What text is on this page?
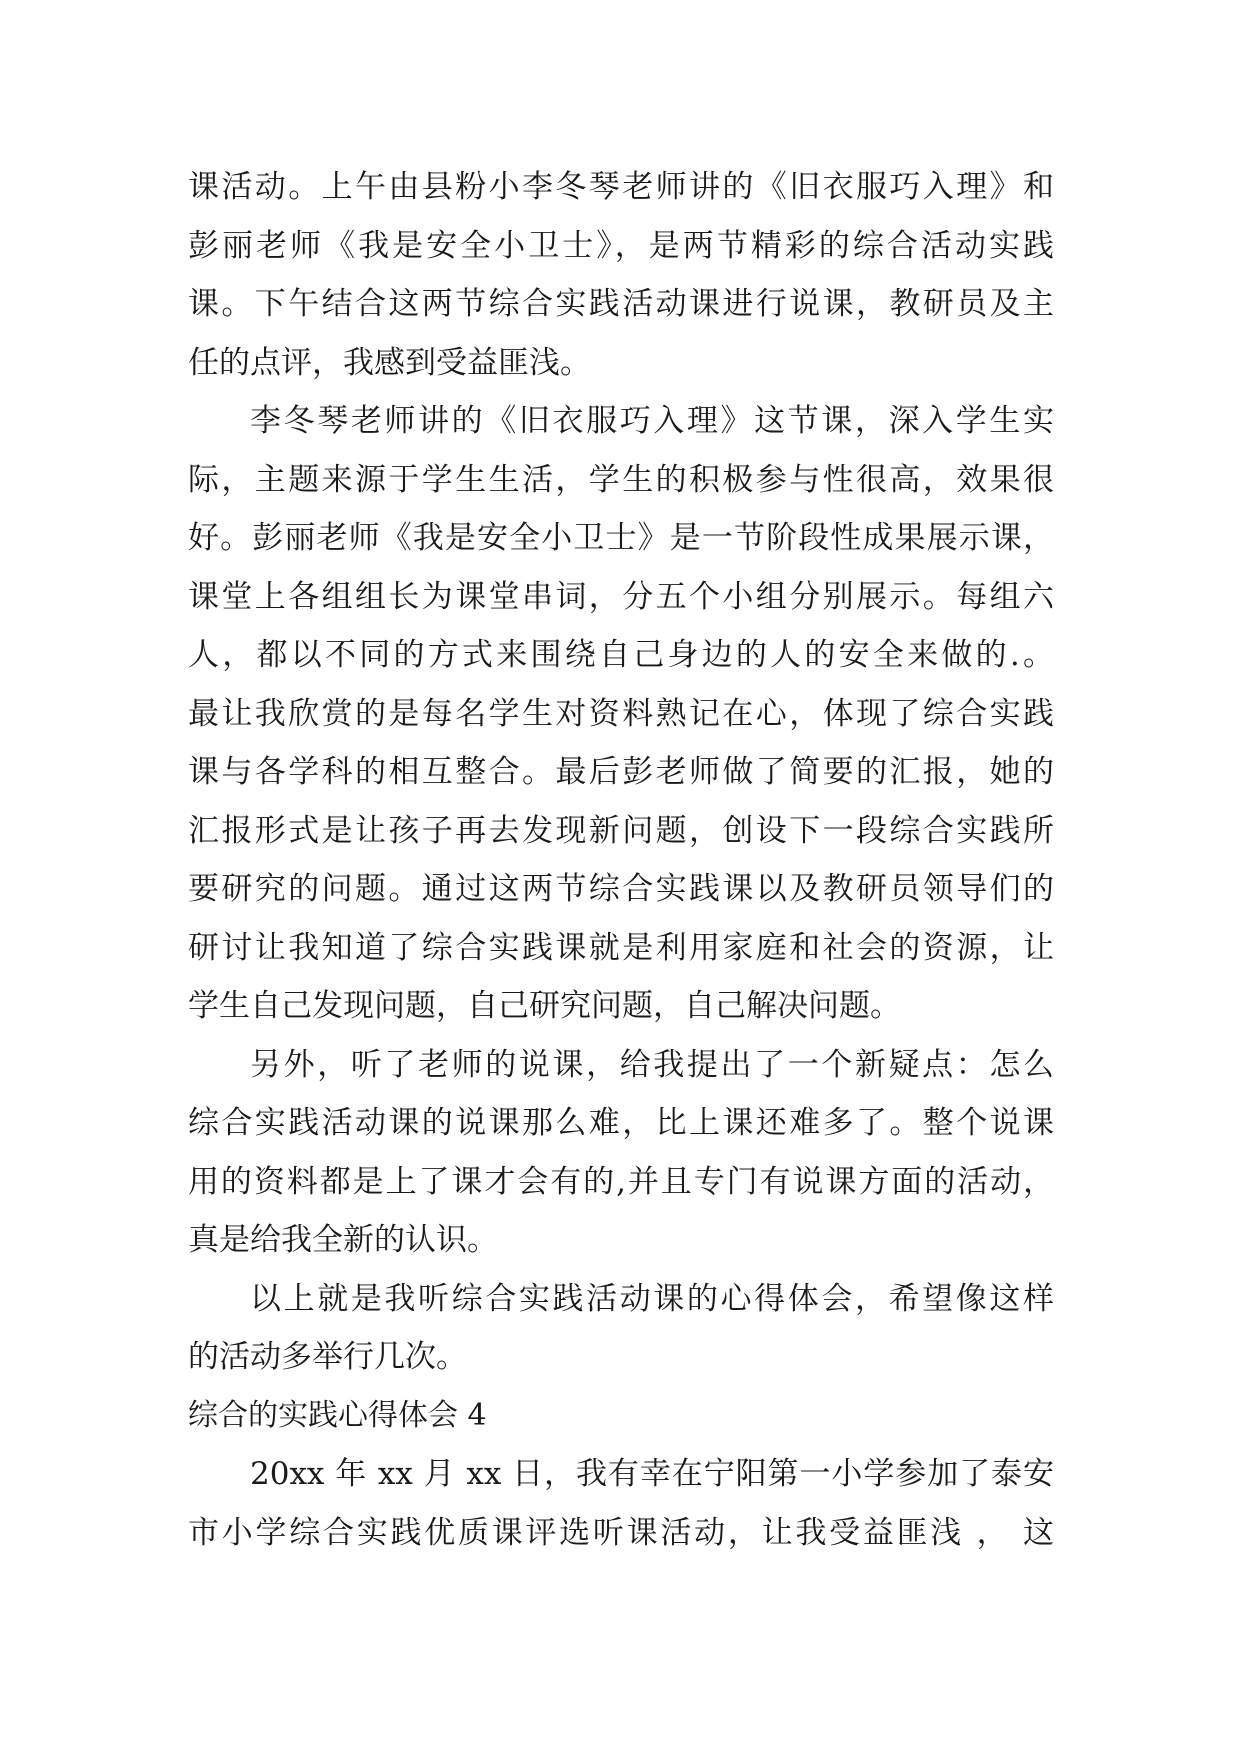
课活动。上午由县粉小李冬琴老师讲的《旧衣服巧入理》和
彭丽老师《我是安全小卫士》，是两节精彩的综合活动实践
课。下午结合这两节综合实践活动课进行说课，教研员及主
任的点评，我感到受益匪浅。
李冬琴老师讲的《旧衣服巧入理》这节课，深入学生实
际，主题来源于学生生活，学生的积极参与性很高，效果很
好。彭丽老师《我是安全小卫士》是一节阶段性成果展示课，
课堂上各组组长为课堂串词，分五个小组分别展示。每组六
人，都以不同的方式来围绕自己身边的人的安全来做的.。
最让我欣赏的是每名学生对资料熟记在心，体现了综合实践
课与各学科的相互整合。最后彭老师做了简要的汇报，她的
汇报形式是让孩子再去发现新问题，创设下一段综合实践所
要研究的问题。通过这两节综合实践课以及教研员领导们的
研讨让我知道了综合实践课就是利用家庭和社会的资源，让
学生自己发现问题，自己研究问题，自己解决问题。
另外，听了老师的说课，给我提出了一个新疑点：怎么
综合实践活动课的说课那么难，比上课还难多了。整个说课
用的资料都是上了课才会有的,并且专门有说课方面的活动，
真是给我全新的认识。
以上就是我听综合实践活动课的心得体会，希望像这样
的活动多举行几次。
综合的实践心得体会 4
20xx 年 xx 月 xx 日，我有幸在宁阳第一小学参加了泰安
市小学综合实践优质课评选听课活动，让我受益匪浅 ， 这
